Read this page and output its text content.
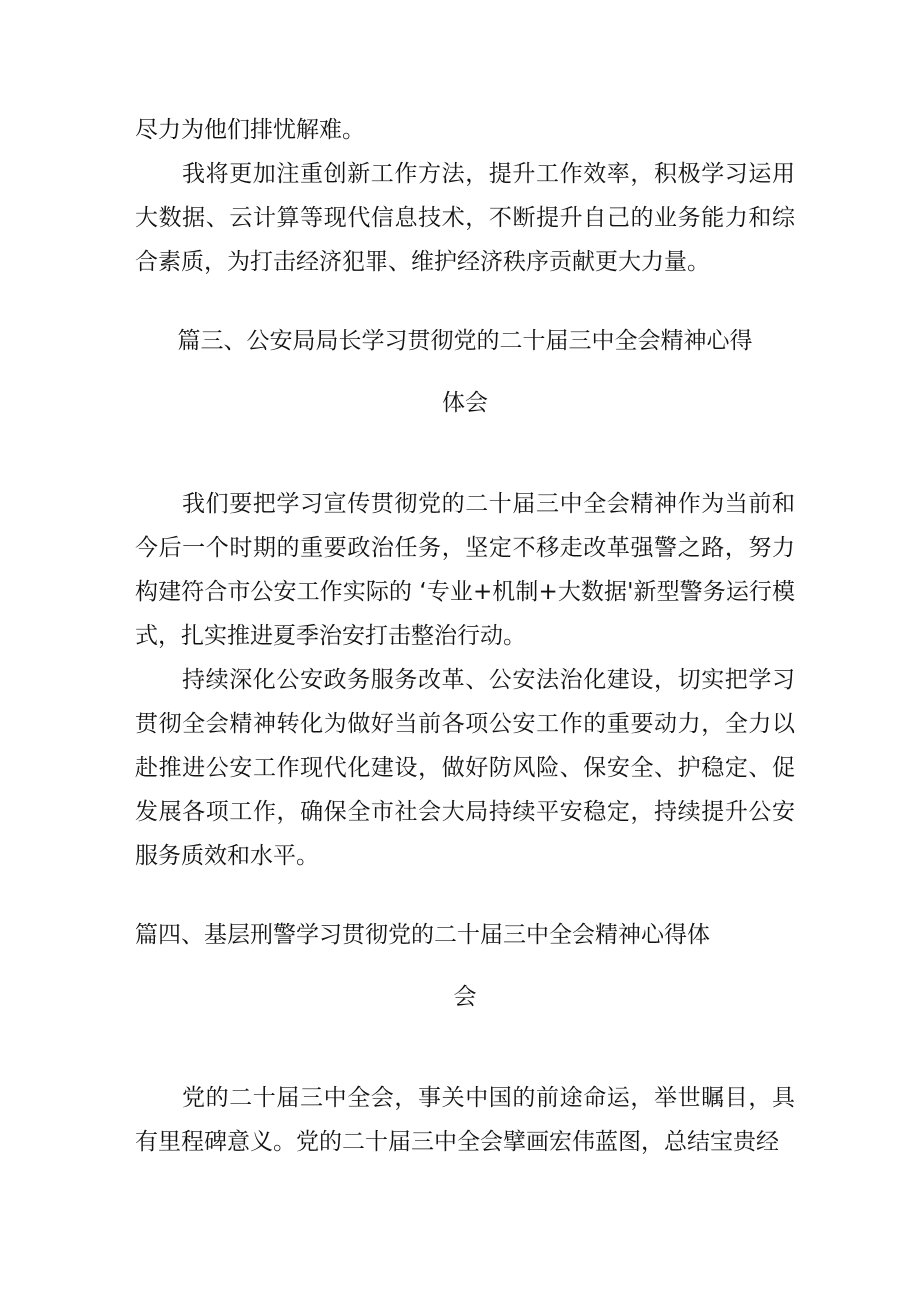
尽力为他们排忧解难。

我将更加注重创新工作方法，提升工作效率，积极学习运用大数据、云计算等现代信息技术，不断提升自己的业务能力和综合素质，为打击经济犯罪、维护经济秩序贡献更大力量。

篇三、公安局局长学习贯彻党的二十届三中全会精神心得
体会

我们要把学习宣传贯彻党的二十届三中全会精神作为当前和今后一个时期的重要政治任务，坚定不移走改革强警之路，努力构建符合市公安工作实际的 ‘专业+机制+大数据'新型警务运行模式，扎实推进夏季治安打击整治行动。

持续深化公安政务服务改革、公安法治化建设，切实把学习贯彻全会精神转化为做好当前各项公安工作的重要动力，全力以赴推进公安工作现代化建设，做好防风险、保安全、护稳定、促发展各项工作，确保全市社会大局持续平安稳定，持续提升公安服务质效和水平。

篇四、基层刑警学习贯彻党的二十届三中全会精神心得体
会

党的二十届三中全会，事关中国的前途命运，举世瞩目，具有里程碑意义。党的二十届三中全会擘画宏伟蓝图，总结宝贵经
